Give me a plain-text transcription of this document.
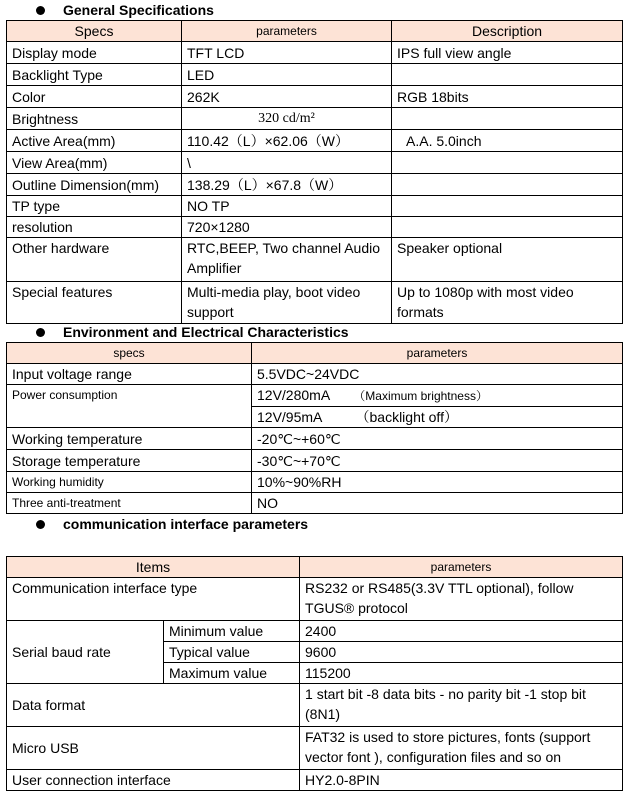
General Specifications
Specs	parameters	Description
Display mode	TFT LCD	IPS full view angle
Backlight Type	LED	
Color	262K	RGB 18bits
Brightness	320 cd/m²	
Active Area(mm)	110.42（L）×62.06（W）	A.A. 5.0inch
View Area(mm)	\	
Outline Dimension(mm)	138.29（L）×67.8（W）	
TP type	NO TP	
resolution	720×1280	
Other hardware	RTC,BEEP, Two channel Audio Amplifier	Speaker optional
Special features	Multi-media play, boot video support	Up to 1080p with most video formats
Environment and Electrical Characteristics
specs	parameters
Input voltage range	5.5VDC~24VDC
Power consumption	12V/280mA （Maximum brightness）
	12V/95mA （backlight off）
Working temperature	-20℃~+60℃
Storage temperature	-30℃~+70℃
Working humidity	10%~90%RH
Three anti-treatment	NO
communication interface parameters
Items		parameters
Communication interface type		RS232 or RS485(3.3V TTL optional), follow TGUS® protocol
Serial baud rate	Minimum value	2400
	Typical value	9600
	Maximum value	115200
Data format		1 start bit -8 data bits - no parity bit -1 stop bit (8N1)
Micro USB		FAT32 is used to store pictures, fonts (support vector font ), configuration files and so on
User connection interface		HY2.0-8PIN
